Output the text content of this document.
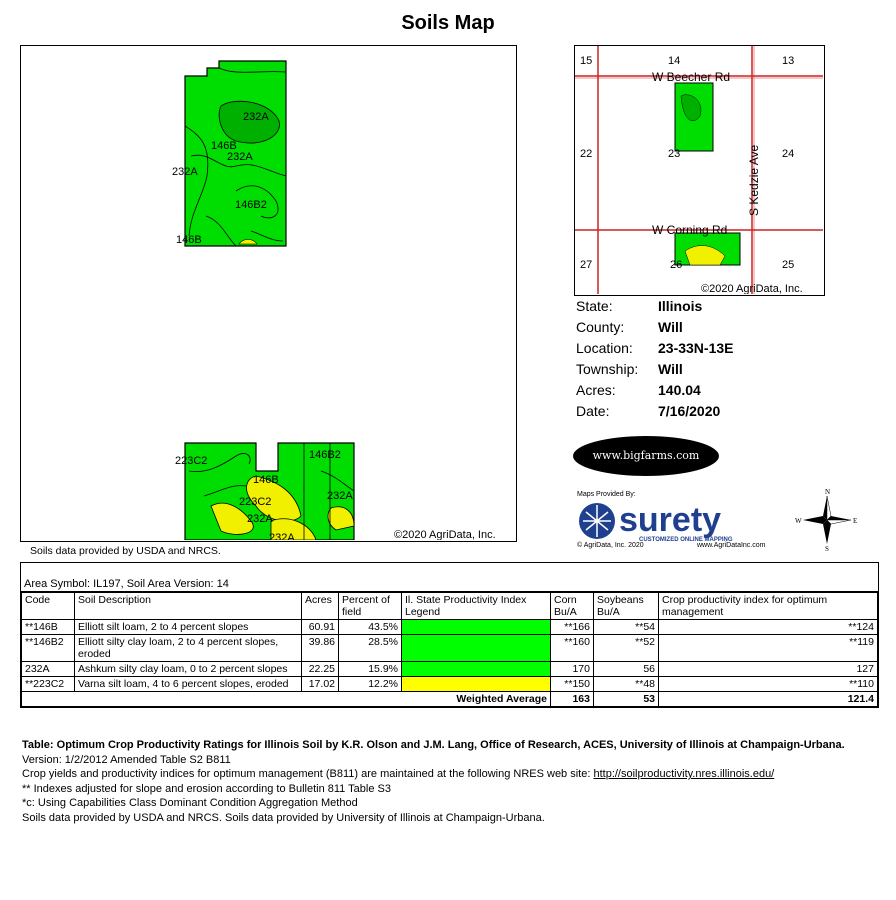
Soils Map
232A
146B
232A
232A
146B2
146B
223C2
146B
146B2
223C2	232A
232A
232A	©2020 AgriData, Inc.
Soils data provided by USDA and NRCS.
15	14	13
22	24
23
27	26	25
W Beecher Rd
S Kedzie Ave
W Corning Rd
©2020 AgriData, Inc.
State:	Illinois
County: Will
Location: 23-33N-13E
Township: Will
Acres:	140.04
Date:	7/16/2020
www.bigfarms.com
Maps Provided By:
surety
CUSTOMIZED ONLINE MAPPING
© AgriData, Inc. 2020	www.AgriDataInc.com
N
S
E
W
Area Symbol: IL197, Soil Area Version: 14
Code	Soil Description	Acres	Percent of field	Il. State Productivity Index Legend	Corn Bu/A	Soybeans Bu/A	Crop productivity index for optimum management
**146B	Elliott silt loam, 2 to 4 percent slopes	60.91	43.5%		**166	**54	**124
**146B2	Elliott silty clay loam, 2 to 4 percent slopes, eroded	39.86	28.5%		**160	**52	**119
232A	Ashkum silty clay loam, 0 to 2 percent slopes	22.25	15.9%		170	56	127
**223C2	Varna silt loam, 4 to 6 percent slopes, eroded	17.02	12.2%		**150	**48	**110
Weighted Average					163	53	121.4
Table: Optimum Crop Productivity Ratings for Illinois Soil by K.R. Olson and J.M. Lang, Office of Research, ACES, University of Illinois at Champaign-Urbana. Version: 1/2/2012 Amended Table S2 B811
Crop yields and productivity indices for optimum management (B811) are maintained at the following NRES web site: http://soilproductivity.nres.illinois.edu/
** Indexes adjusted for slope and erosion according to Bulletin 811 Table S3
*c: Using Capabilities Class Dominant Condition Aggregation Method
Soils data provided by USDA and NRCS. Soils data provided by University of Illinois at Champaign-Urbana.
